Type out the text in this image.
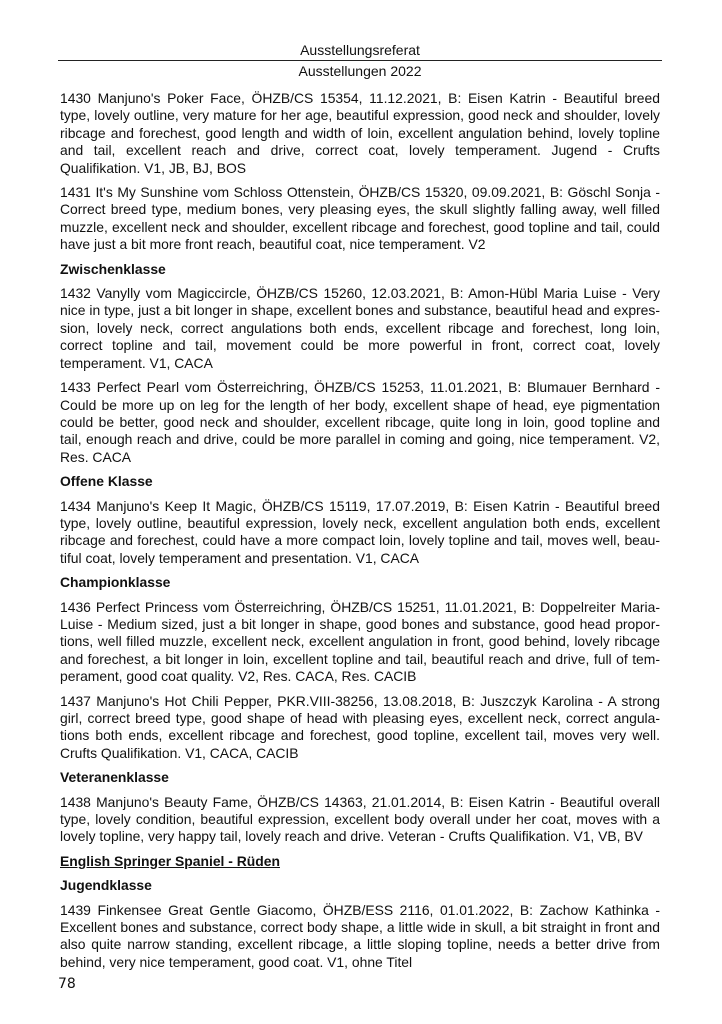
Ausstellungsreferat
Ausstellungen 2022

1430 Manjuno's Poker Face, ÖHZB/CS 15354, 11.12.2021, B: Eisen Katrin - Beautiful breed type, lovely outline, very mature for her age, beautiful expression, good neck and shoulder, lovely ribcage and forechest, good length and width of loin, excellent angulation behind, lovely topline and tail, excellent reach and drive, correct coat, lovely temperament. Jugend - Crufts Qualifikation. V1, JB, BJ, BOS

1431 It's My Sunshine vom Schloss Ottenstein, ÖHZB/CS 15320, 09.09.2021, B: Göschl Sonja - Correct breed type, medium bones, very pleasing eyes, the skull slightly falling away, well filled muzzle, excellent neck and shoulder, excellent ribcage and forechest, good topline and tail, could have just a bit more front reach, beautiful coat, nice temperament. V2

Zwischenklasse

1432 Vanylly vom Magiccircle, ÖHZB/CS 15260, 12.03.2021, B: Amon-Hübl Maria Luise - Very nice in type, just a bit longer in shape, excellent bones and substance, beautiful head and expression, lovely neck, correct angulations both ends, excellent ribcage and forechest, long loin, correct topline and tail, movement could be more powerful in front, correct coat, lovely temperament. V1, CACA

1433 Perfect Pearl vom Österreichring, ÖHZB/CS 15253, 11.01.2021, B: Blumauer Bernhard - Could be more up on leg for the length of her body, excellent shape of head, eye pigmentation could be better, good neck and shoulder, excellent ribcage, quite long in loin, good topline and tail, enough reach and drive, could be more parallel in coming and going, nice temperament. V2, Res. CACA

Offene Klasse

1434 Manjuno's Keep It Magic, ÖHZB/CS 15119, 17.07.2019, B: Eisen Katrin - Beautiful breed type, lovely outline, beautiful expression, lovely neck, excellent angulation both ends, excellent ribcage and forechest, could have a more compact loin, lovely topline and tail, moves well, beautiful coat, lovely temperament and presentation. V1, CACA

Championklasse

1436 Perfect Princess vom Österreichring, ÖHZB/CS 15251, 11.01.2021, B: Doppelreiter Maria-Luise - Medium sized, just a bit longer in shape, good bones and substance, good head proportions, well filled muzzle, excellent neck, excellent angulation in front, good behind, lovely ribcage and forechest, a bit longer in loin, excellent topline and tail, beautiful reach and drive, full of temperament, good coat quality. V2, Res. CACA, Res. CACIB

1437 Manjuno's Hot Chili Pepper, PKR.VIII-38256, 13.08.2018, B: Juszczyk Karolina - A strong girl, correct breed type, good shape of head with pleasing eyes, excellent neck, correct angulations both ends, excellent ribcage and forechest, good topline, excellent tail, moves very well. Crufts Qualifikation. V1, CACA, CACIB

Veteranenklasse

1438 Manjuno's Beauty Fame, ÖHZB/CS 14363, 21.01.2014, B: Eisen Katrin - Beautiful overall type, lovely condition, beautiful expression, excellent body overall under her coat, moves with a lovely topline, very happy tail, lovely reach and drive. Veteran - Crufts Qualifikation. V1, VB, BV

English Springer Spaniel - Rüden
Jugendklasse

1439 Finkensee Great Gentle Giacomo, ÖHZB/ESS 2116, 01.01.2022, B: Zachow Kathinka - Excellent bones and substance, correct body shape, a little wide in skull, a bit straight in front and also quite narrow standing, excellent ribcage, a little sloping topline, needs a better drive from behind, very nice temperament, good coat. V1, ohne Titel

78
